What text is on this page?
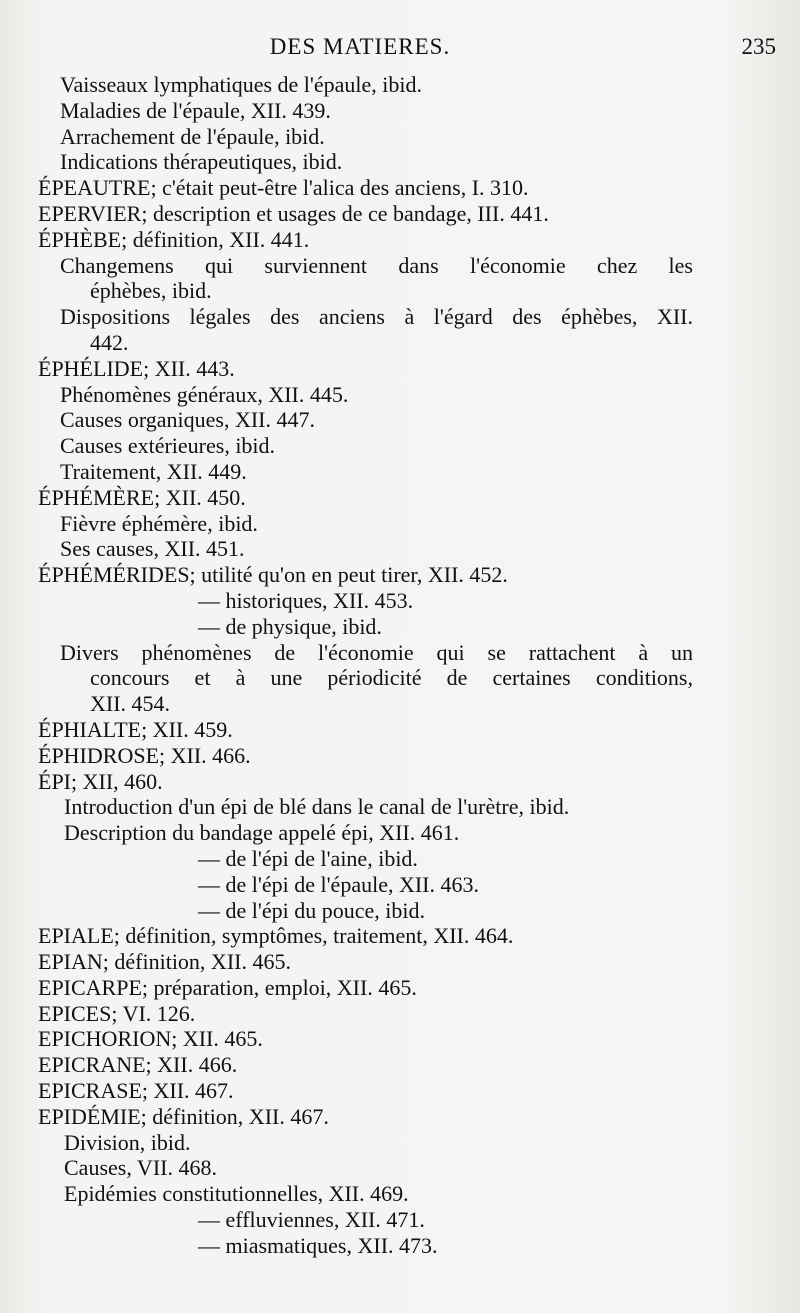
DES MATIERES.	235
Vaisseaux lymphatiques de l'épaule, ibid.
Maladies de l'épaule, XII. 439.
Arrachement de l'épaule, ibid.
Indications thérapeutiques, ibid.
ÉPEAUTRE; c'était peut-être l'alica des anciens, I. 310.
EPERVIER; description et usages de ce bandage, III. 441.
ÉPHÈBE; définition, XII. 441.
Changemens qui surviennent dans l'économie chez les
éphèbes, ibid.
Dispositions légales des anciens à l'égard des éphèbes, XII.
442.
ÉPHÉLIDE; XII. 443.
Phénomènes généraux, XII. 445.
Causes organiques, XII. 447.
Causes extérieures, ibid.
Traitement, XII. 449.
ÉPHÉMÈRE; XII. 450.
Fièvre éphémère, ibid.
Ses causes, XII. 451.
ÉPHÉMÉRIDES; utilité qu'on en peut tirer, XII. 452.
— historiques, XII. 453.
— de physique, ibid.
Divers phénomènes de l'économie qui se rattachent à un
concours et à une périodicité de certaines conditions,
XII. 454.
ÉPHIALTE; XII. 459.
ÉPHIDROSE; XII. 466.
ÉPI; XII, 460.
Introduction d'un épi de blé dans le canal de l'urètre, ibid.
Description du bandage appelé épi, XII. 461.
— de l'épi de l'aine, ibid.
— de l'épi de l'épaule, XII. 463.
— de l'épi du pouce, ibid.
EPIALE; définition, symptômes, traitement, XII. 464.
EPIAN; définition, XII. 465.
EPICARPE; préparation, emploi, XII. 465.
EPICES; VI. 126.
EPICHORION; XII. 465.
EPICRANE; XII. 466.
EPICRASE; XII. 467.
EPIDÉMIE; définition, XII. 467.
Division, ibid.
Causes, VII. 468.
Epidémies constitutionnelles, XII. 469.
— effluviennes, XII. 471.
— miasmatiques, XII. 473.
